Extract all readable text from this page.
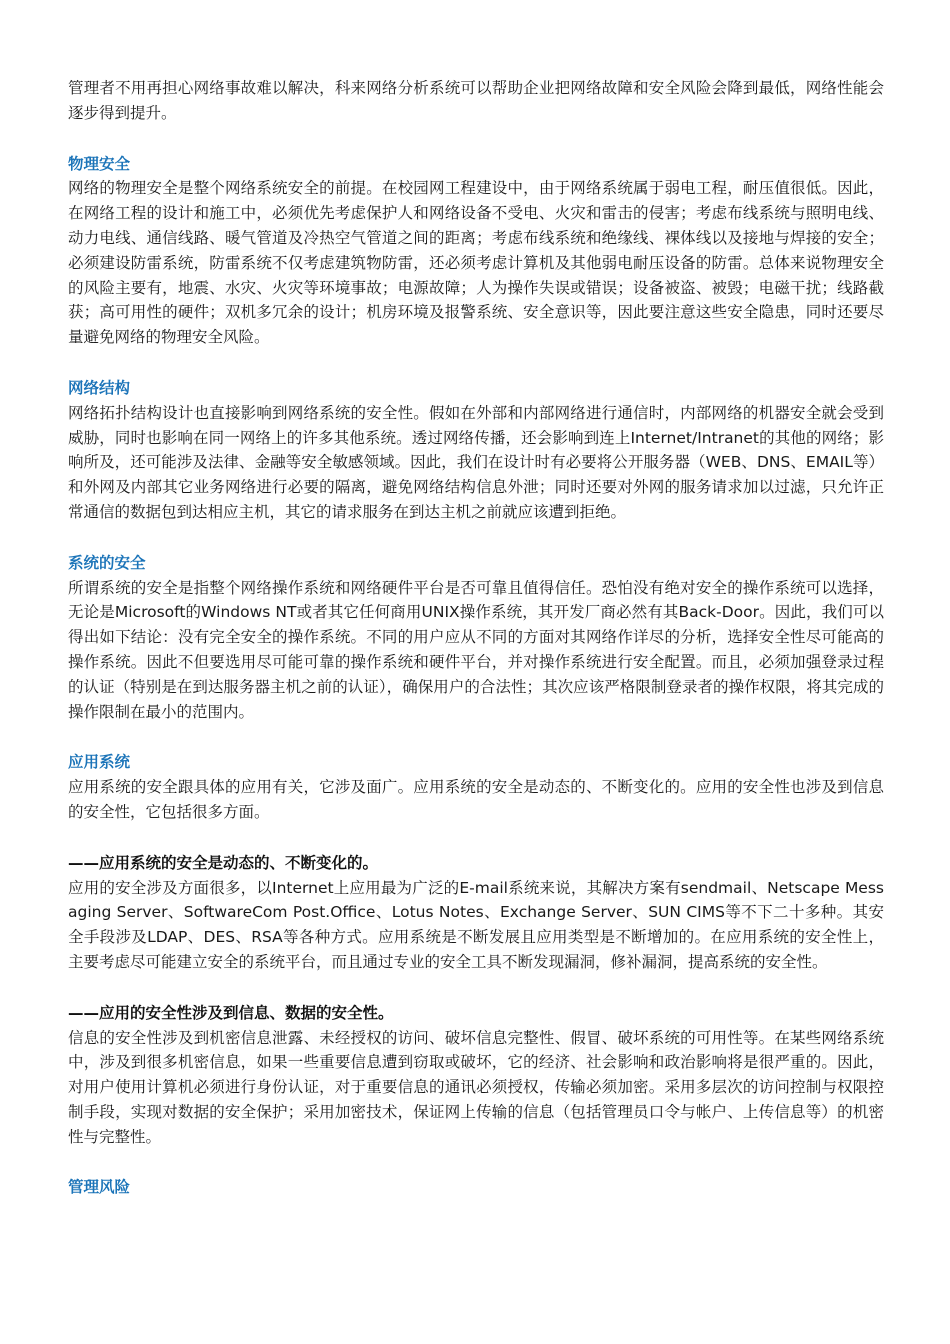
管理者不用再担心网络事故难以解决，科来网络分析系统可以帮助企业把网络故障和安全风险会降到最低，网络性能会逐步得到提升。

物理安全

网络的物理安全是整个网络系统安全的前提。在校园网工程建设中，由于网络系统属于弱电工程，耐压值很低。因此，在网络工程的设计和施工中，必须优先考虑保护人和网络设备不受电、火灾和雷击的侵害；考虑布线系统与照明电线、动力电线、通信线路、暖气管道及冷热空气管道之间的距离；考虑布线系统和绝缘线、裸体线以及接地与焊接的安全；必须建设防雷系统，防雷系统不仅考虑建筑物防雷，还必须考虑计算机及其他弱电耐压设备的防雷。总体来说物理安全的风险主要有，地震、水灾、火灾等环境事故；电源故障；人为操作失误或错误；设备被盗、被毁；电磁干扰；线路截获；高可用性的硬件；双机多冗余的设计；机房环境及报警系统、安全意识等，因此要注意这些安全隐患，同时还要尽量避免网络的物理安全风险。

网络结构

网络拓扑结构设计也直接影响到网络系统的安全性。假如在外部和内部网络进行通信时，内部网络的机器安全就会受到威胁，同时也影响在同一网络上的许多其他系统。透过网络传播，还会影响到连上Internet/Intranet的其他的网络；影响所及，还可能涉及法律、金融等安全敏感领域。因此，我们在设计时有必要将公开服务器（WEB、DNS、EMAIL等）和外网及内部其它业务网络进行必要的隔离，避免网络结构信息外泄；同时还要对外网的服务请求加以过滤，只允许正常通信的数据包到达相应主机，其它的请求服务在到达主机之前就应该遭到拒绝。

系统的安全

所谓系统的安全是指整个网络操作系统和网络硬件平台是否可靠且值得信任。恐怕没有绝对安全的操作系统可以选择，无论是Microsoft的Windows NT或者其它任何商用UNIX操作系统，其开发厂商必然有其Back-Door。因此，我们可以得出如下结论：没有完全安全的操作系统。不同的用户应从不同的方面对其网络作详尽的分析，选择安全性尽可能高的操作系统。因此不但要选用尽可能可靠的操作系统和硬件平台，并对操作系统进行安全配置。而且，必须加强登录过程的认证（特别是在到达服务器主机之前的认证），确保用户的合法性；其次应该严格限制登录者的操作权限，将其完成的操作限制在最小的范围内。

应用系统

应用系统的安全跟具体的应用有关，它涉及面广。应用系统的安全是动态的、不断变化的。应用的安全性也涉及到信息的安全性，它包括很多方面。

——应用系统的安全是动态的、不断变化的。

应用的安全涉及方面很多，以Internet上应用最为广泛的E-mail系统来说，其解决方案有sendmail、Netscape Messaging Server、SoftwareCom Post.Office、Lotus Notes、Exchange Server、SUN CIMS等不下二十多种。其安全手段涉及LDAP、DES、RSA等各种方式。应用系统是不断发展且应用类型是不断增加的。在应用系统的安全性上，主要考虑尽可能建立安全的系统平台，而且通过专业的安全工具不断发现漏洞，修补漏洞，提高系统的安全性。

——应用的安全性涉及到信息、数据的安全性。

信息的安全性涉及到机密信息泄露、未经授权的访问、破坏信息完整性、假冒、破坏系统的可用性等。在某些网络系统中，涉及到很多机密信息，如果一些重要信息遭到窃取或破坏，它的经济、社会影响和政治影响将是很严重的。因此，对用户使用计算机必须进行身份认证，对于重要信息的通讯必须授权，传输必须加密。采用多层次的访问控制与权限控制手段，实现对数据的安全保护；采用加密技术，保证网上传输的信息（包括管理员口令与帐户、上传信息等）的机密性与完整性。

管理风险
